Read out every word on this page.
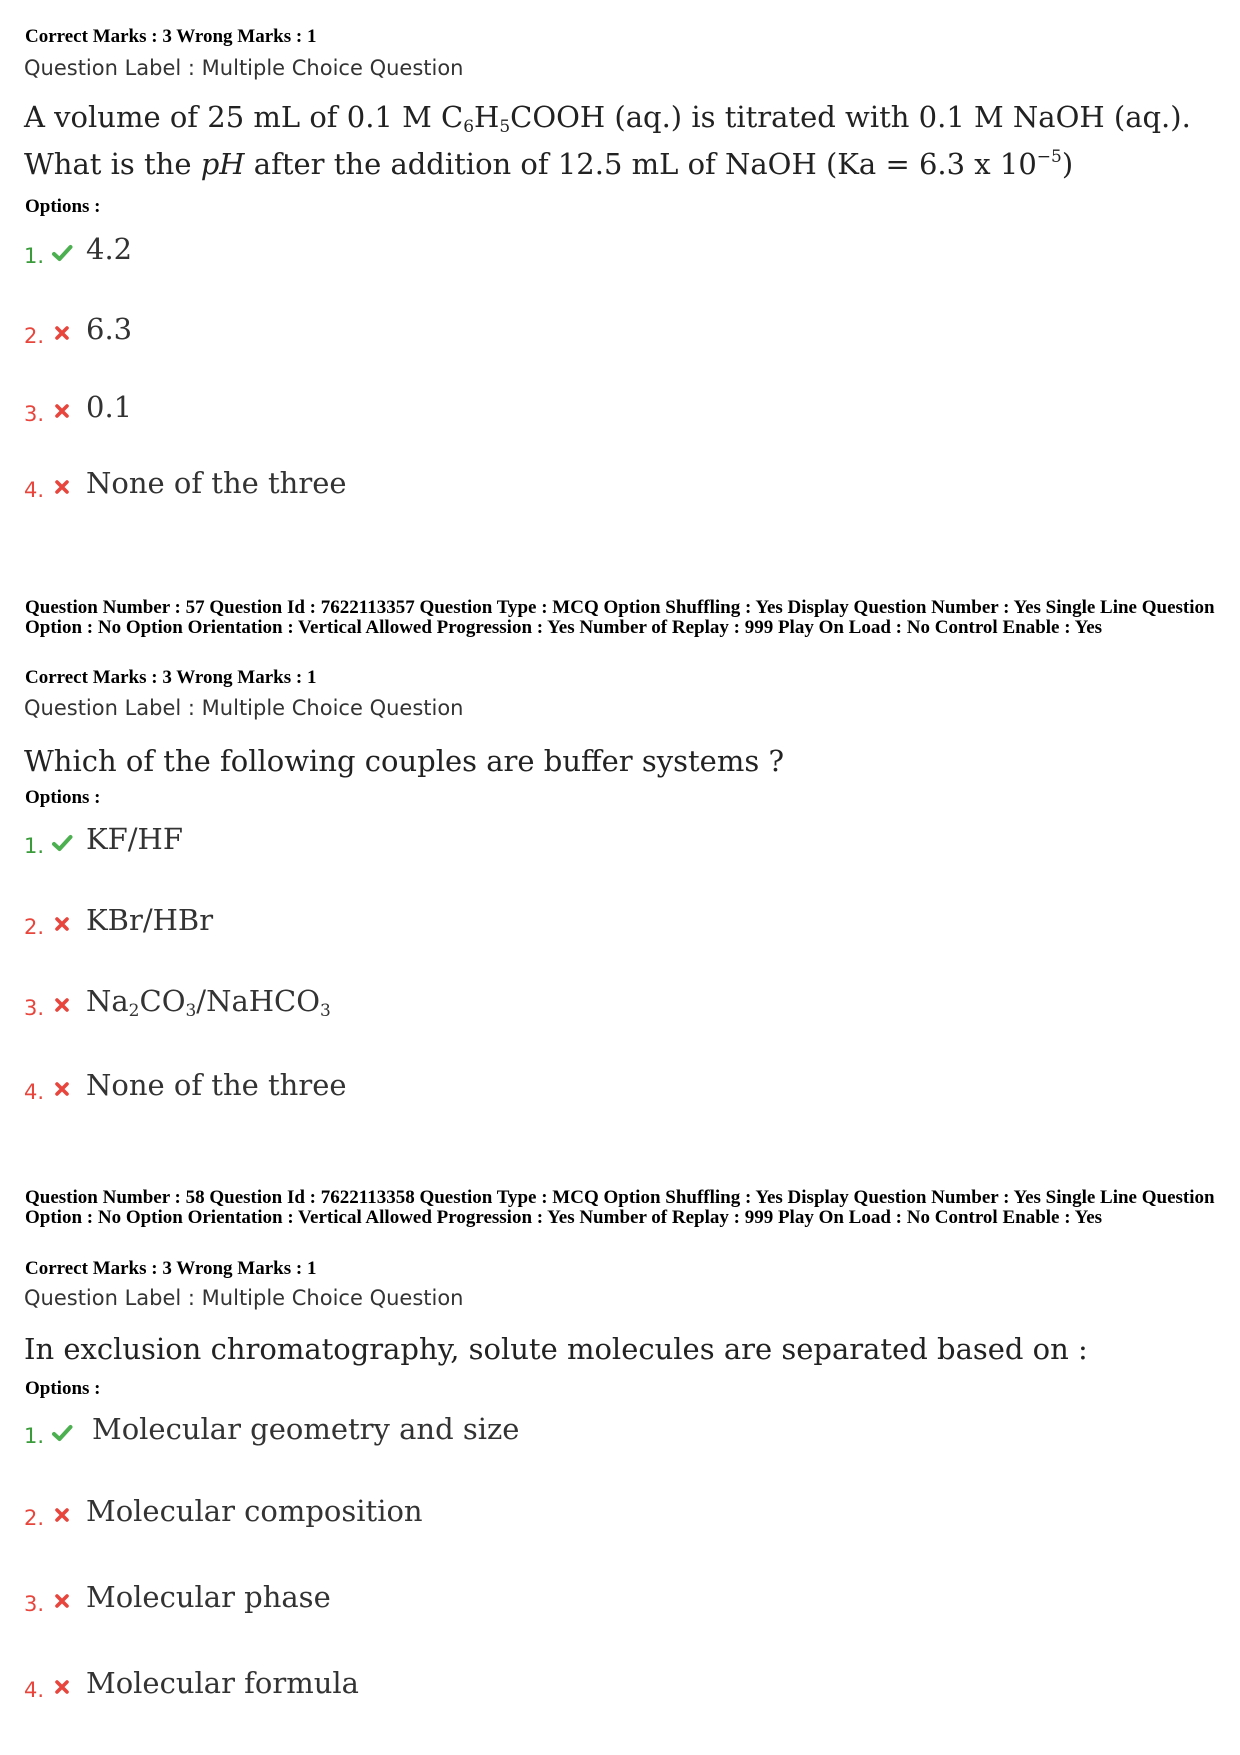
Correct Marks : 3 Wrong Marks : 1
Question Label : Multiple Choice Question
A volume of 25 mL of 0.1 M $C_6H_5COOH$ (aq.) is titrated with 0.1 M NaOH (aq.).
What is the pH after the addition of 12.5 mL of NaOH (Ka = 6.3 x $10^{-5}$)
Options :
1. 4.2
2. 6.3
3. 0.1
4. None of the three
Question Number : 57 Question Id : 7622113357 Question Type : MCQ Option Shuffling : Yes Display Question Number : Yes Single Line Question Option : No Option Orientation : Vertical Allowed Progression : Yes Number of Replay : 999 Play On Load : No Control Enable : Yes
Correct Marks : 3 Wrong Marks : 1
Question Label : Multiple Choice Question
Which of the following couples are buffer systems ?
Options :
1. KF/HF
2. KBr/HBr
3. $Na_2CO_3/NaHCO_3$
4. None of the three
Question Number : 58 Question Id : 7622113358 Question Type : MCQ Option Shuffling : Yes Display Question Number : Yes Single Line Question Option : No Option Orientation : Vertical Allowed Progression : Yes Number of Replay : 999 Play On Load : No Control Enable : Yes
Correct Marks : 3 Wrong Marks : 1
Question Label : Multiple Choice Question
In exclusion chromatography, solute molecules are separated based on :
Options :
1. Molecular geometry and size
2. Molecular composition
3. Molecular phase
4. Molecular formula
